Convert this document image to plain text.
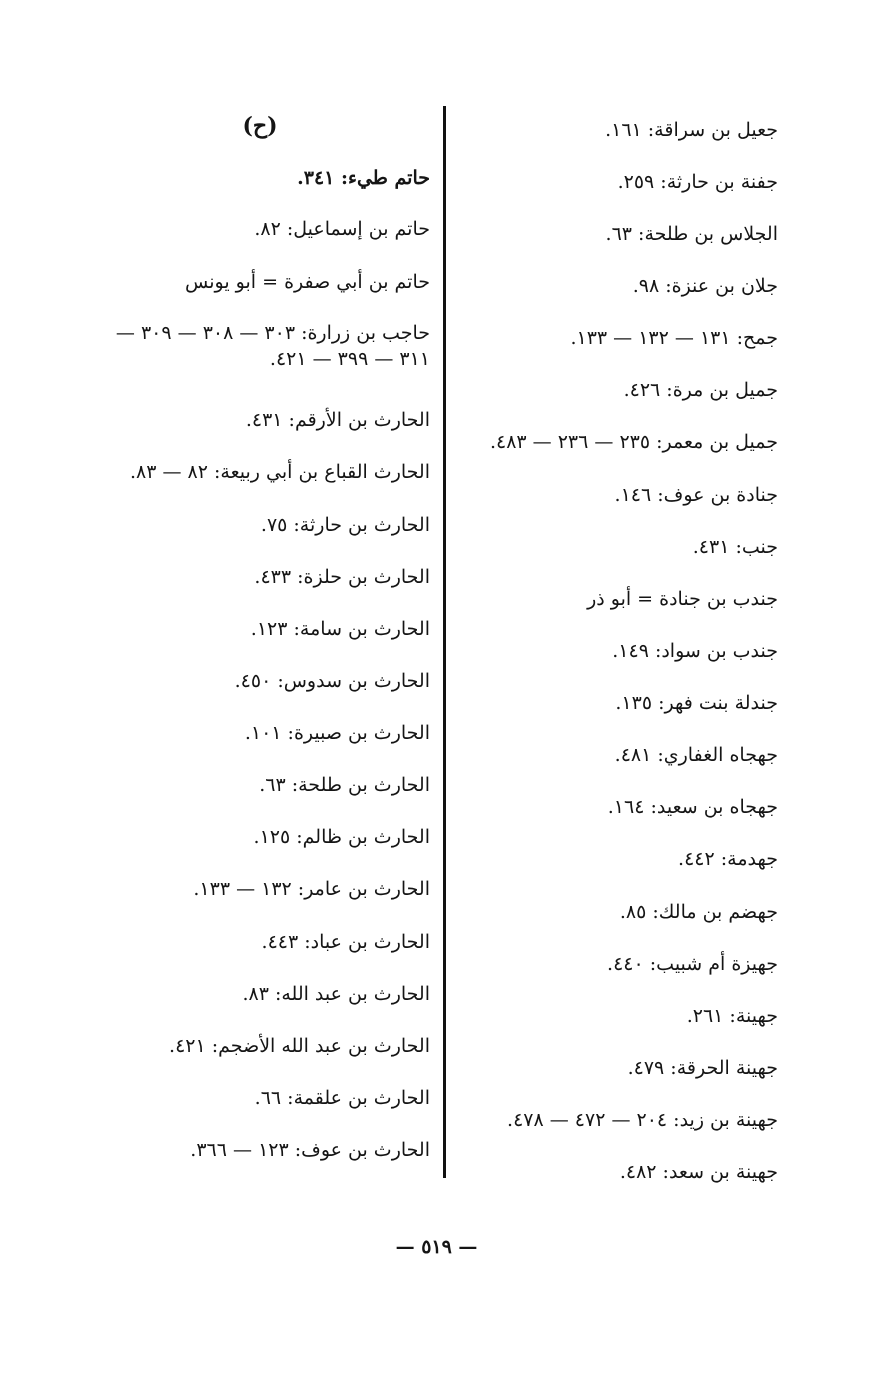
جعيل بن سراقة: ١٦١.
جفنة بن حارثة: ٢٥٩.
الجلاس بن طلحة: ٦٣.
جلان بن عنزة: ٩٨.
جمح: ١٣١ — ١٣٢ — ١٣٣.
جميل بن مرة: ٤٢٦.
جميل بن معمر: ٢٣٥ — ٢٣٦ — ٤٨٣.
جنادة بن عوف: ١٤٦.
جنب: ٤٣١.
جندب بن جنادة = أبو ذر
جندب بن سواد: ١٤٩.
جندلة بنت فهر: ١٣٥.
جهجاه الغفاري: ٤٨١.
جهجاه بن سعيد: ١٦٤.
جهدمة: ٤٤٢.
جهضم بن مالك: ٨٥.
جهيزة أم شبيب: ٤٤٠.
جهينة: ٢٦١.
جهينة الحرقة: ٤٧٩.
جهينة بن زيد: ٢٠٤ — ٤٧٢ — ٤٧٨.
جهينة بن سعد: ٤٨٢.
(ح)
حاتم طيء: ٣٤١.
حاتم بن إسماعيل: ٨٢.
حاتم بن أبي صفرة = أبو يونس
حاجب بن زرارة: ٣٠٣ — ٣٠٨ — ٣٠٩ — ٣١١ — ٣٩٩ — ٤٢١.
الحارث بن الأرقم: ٤٣١.
الحارث القباع بن أبي ربيعة: ٨٢ — ٨٣.
الحارث بن حارثة: ٧٥.
الحارث بن حلزة: ٤٣٣.
الحارث بن سامة: ١٢٣.
الحارث بن سدوس: ٤٥٠.
الحارث بن صبيرة: ١٠١.
الحارث بن طلحة: ٦٣.
الحارث بن ظالم: ١٢٥.
الحارث بن عامر: ١٣٢ — ١٣٣.
الحارث بن عباد: ٤٤٣.
الحارث بن عبد الله: ٨٣.
الحارث بن عبد الله الأضجم: ٤٢١.
الحارث بن علقمة: ٦٦.
الحارث بن عوف: ١٢٣ — ٣٦٦.
— ٥١٩ —
